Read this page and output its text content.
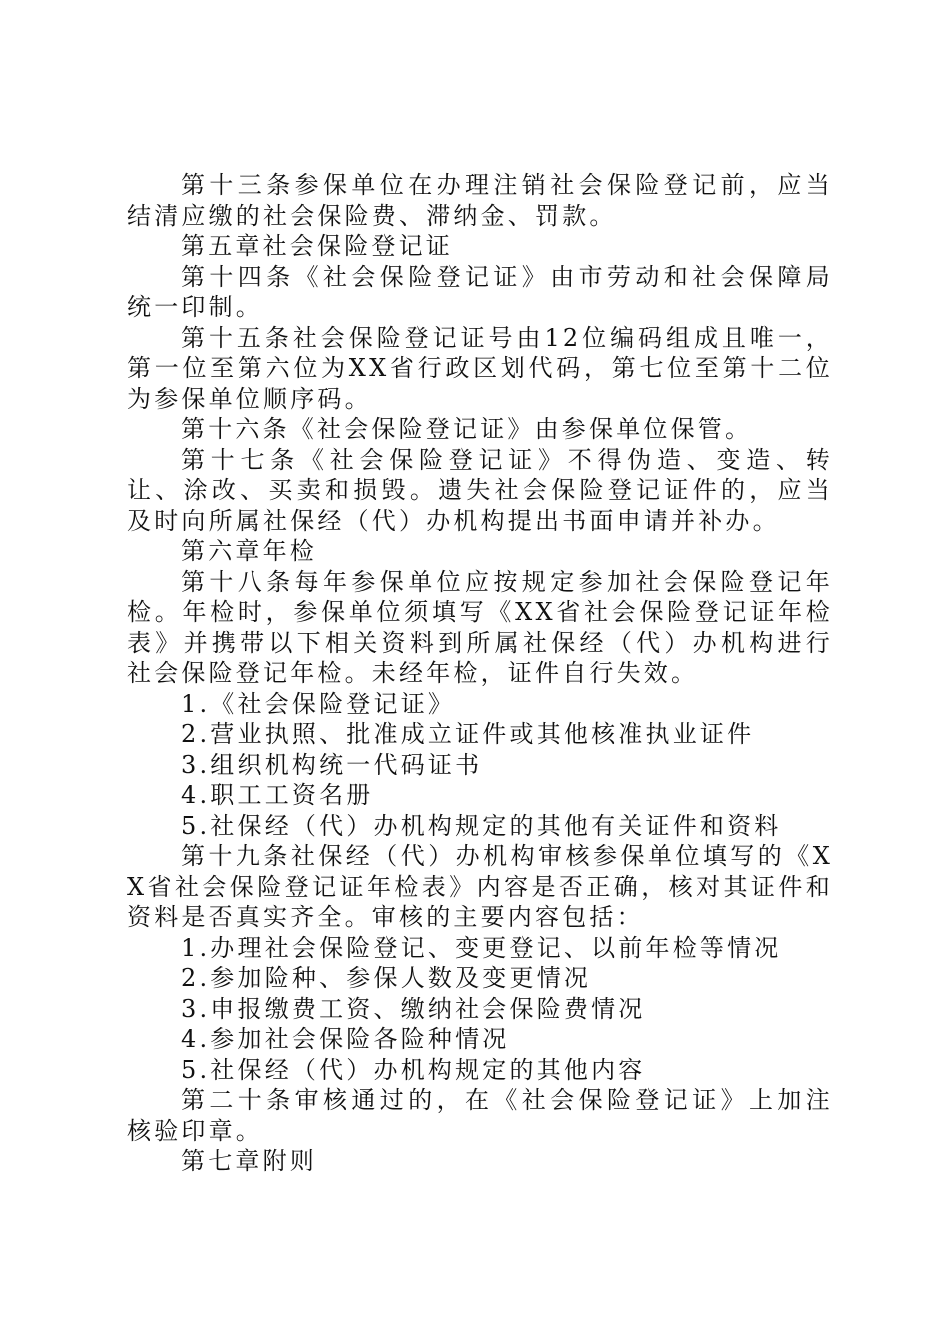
第十三条参保单位在办理注销社会保险登记前，应当结清应缴的社会保险费、滞纳金、罚款。

第五章社会保险登记证

第十四条《社会保险登记证》由市劳动和社会保障局统一印制。

第十五条社会保险登记证号由12位编码组成且唯一，第一位至第六位为XX省行政区划代码，第七位至第十二位为参保单位顺序码。

第十六条《社会保险登记证》由参保单位保管。

第十七条《社会保险登记证》不得伪造、变造、转让、涂改、买卖和损毁。遗失社会保险登记证件的，应当及时向所属社保经（代）办机构提出书面申请并补办。

第六章年检

第十八条每年参保单位应按规定参加社会保险登记年检。年检时，参保单位须填写《XX省社会保险登记证年检表》并携带以下相关资料到所属社保经（代）办机构进行社会保险登记年检。未经年检，证件自行失效。

1.《社会保险登记证》

2.营业执照、批准成立证件或其他核准执业证件

3.组织机构统一代码证书

4.职工工资名册

5.社保经（代）办机构规定的其他有关证件和资料

第十九条社保经（代）办机构审核参保单位填写的《XX省社会保险登记证年检表》内容是否正确，核对其证件和资料是否真实齐全。审核的主要内容包括：

1.办理社会保险登记、变更登记、以前年检等情况

2.参加险种、参保人数及变更情况

3.申报缴费工资、缴纳社会保险费情况

4.参加社会保险各险种情况

5.社保经（代）办机构规定的其他内容

第二十条审核通过的，在《社会保险登记证》上加注核验印章。

第七章附则
